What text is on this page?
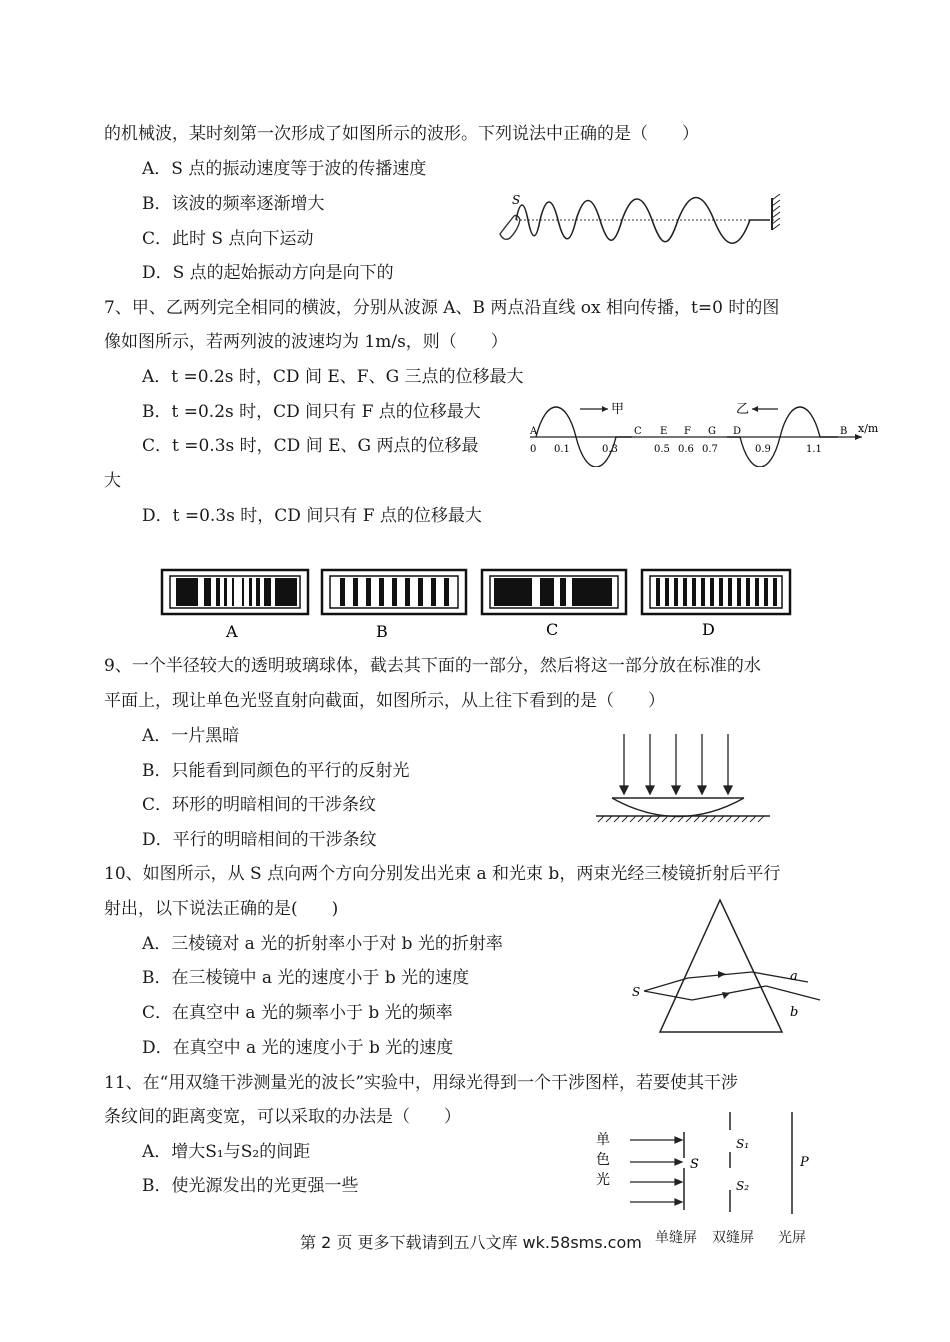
的机械波，某时刻第一次形成了如图所示的波形。下列说法中正确的是（　　）
A．S 点的振动速度等于波的传播速度
B．该波的频率逐渐增大
C．此时 S 点向下运动
D．S 点的起始振动方向是向下的
S
7、甲、乙两列完全相同的横波，分别从波源 A、B 两点沿直线 ox 相向传播，t=0 时的图
像如图所示，若两列波的波速均为 1m/s，则（　　）
A．t =0.2s 时，CD 间 E、F、G 三点的位移最大
B．t =0.2s 时，CD 间只有 F 点的位移最大
C．t =0.3s 时，CD 间 E、G 两点的位移最
大
D．t =0.3s 时，CD 间只有 F 点的位移最大
x/m
甲	乙
A	C E F G D	B
0 0.1	0.3	0.5 0.6 0.7	0.9	1.1
A	B	C	D
9、一个半径较大的透明玻璃球体，截去其下面的一部分，然后将这一部分放在标准的水
平面上，现让单色光竖直射向截面，如图所示，从上往下看到的是（　　）
A．一片黑暗
B．只能看到同颜色的平行的反射光
C．环形的明暗相间的干涉条纹
D．平行的明暗相间的干涉条纹
10、如图所示，从 S 点向两个方向分别发出光束 a 和光束 b，两束光经三棱镜折射后平行
射出，以下说法正确的是(　　)
A．三棱镜对 a 光的折射率小于对 b 光的折射率
B．在三棱镜中 a 光的速度小于 b 光的速度
C．在真空中 a 光的频率小于 b 光的频率
D．在真空中 a 光的速度小于 b 光的速度
S
a
b
11、在“用双缝干涉测量光的波长”实验中，用绿光得到一个干涉图样，若要使其干涉
条纹间的距离变宽，可以采取的办法是（　　）
A．增大S₁与S₂的间距
B．使光源发出的光更强一些
单
色
光
S
S₁
S₂
P
单缝屏 双缝屏 光屏
第 2 页 更多下载请到五八文库 wk.58sms.com
